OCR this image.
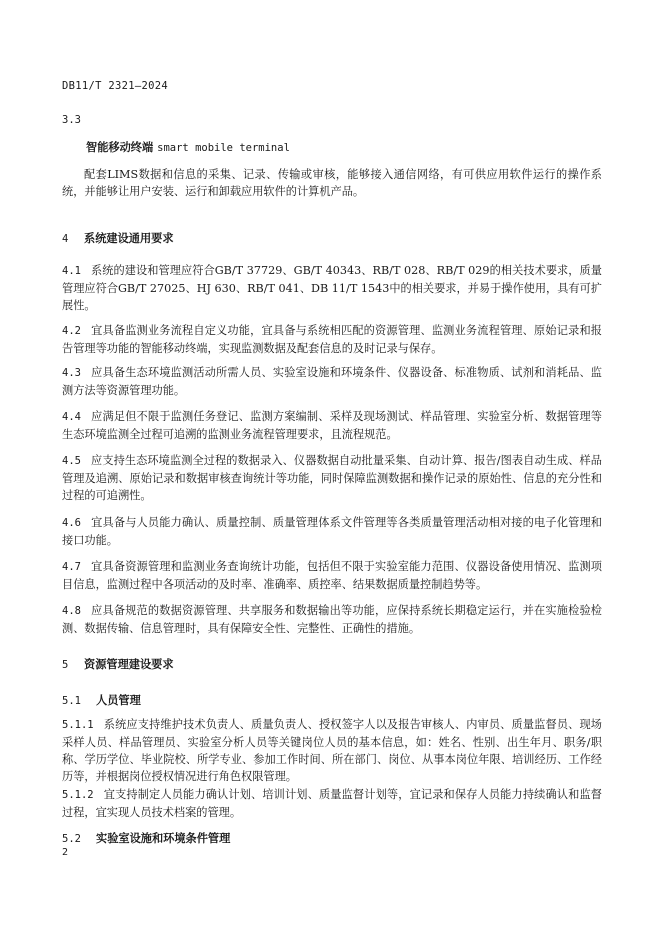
DB11/T 2321—2024
3.3
智能移动终端 smart mobile terminal
配套LIMS数据和信息的采集、记录、传输或审核，能够接入通信网络，有可供应用软件运行的操作系统，并能够让用户安装、运行和卸载应用软件的计算机产品。
4 系统建设通用要求
4.1 系统的建设和管理应符合GB/T 37729、GB/T 40343、RB/T 028、RB/T 029的相关技术要求，质量管理应符合GB/T 27025、HJ 630、RB/T 041、DB 11/T 1543中的相关要求，并易于操作使用，具有可扩展性。
4.2 宜具备监测业务流程自定义功能，宜具备与系统相匹配的资源管理、监测业务流程管理、原始记录和报告管理等功能的智能移动终端，实现监测数据及配套信息的及时记录与保存。
4.3 应具备生态环境监测活动所需人员、实验室设施和环境条件、仪器设备、标准物质、试剂和消耗品、监测方法等资源管理功能。
4.4 应满足但不限于监测任务登记、监测方案编制、采样及现场测试、样品管理、实验室分析、数据管理等生态环境监测全过程可追溯的监测业务流程管理要求，且流程规范。
4.5 应支持生态环境监测全过程的数据录入、仪器数据自动批量采集、自动计算、报告/图表自动生成、样品管理及追溯、原始记录和数据审核查询统计等功能，同时保障监测数据和操作记录的原始性、信息的充分性和过程的可追溯性。
4.6 宜具备与人员能力确认、质量控制、质量管理体系文件管理等各类质量管理活动相对接的电子化管理和接口功能。
4.7 宜具备资源管理和监测业务查询统计功能，包括但不限于实验室能力范围、仪器设备使用情况、监测项目信息，监测过程中各项活动的及时率、准确率、质控率、结果数据质量控制趋势等。
4.8 应具备规范的数据资源管理、共享服务和数据输出等功能，应保持系统长期稳定运行，并在实施检验检测、数据传输、信息管理时，具有保障安全性、完整性、正确性的措施。
5 资源管理建设要求
5.1 人员管理
5.1.1 系统应支持维护技术负责人、质量负责人、授权签字人以及报告审核人、内审员、质量监督员、现场采样人员、样品管理员、实验室分析人员等关键岗位人员的基本信息，如：姓名、性别、出生年月、职务/职称、学历学位、毕业院校、所学专业、参加工作时间、所在部门、岗位、从事本岗位年限、培训经历、工作经历等，并根据岗位授权情况进行角色权限管理。
5.1.2 宜支持制定人员能力确认计划、培训计划、质量监督计划等，宜记录和保存人员能力持续确认和监督过程，宜实现人员技术档案的管理。
5.2 实验室设施和环境条件管理
2
